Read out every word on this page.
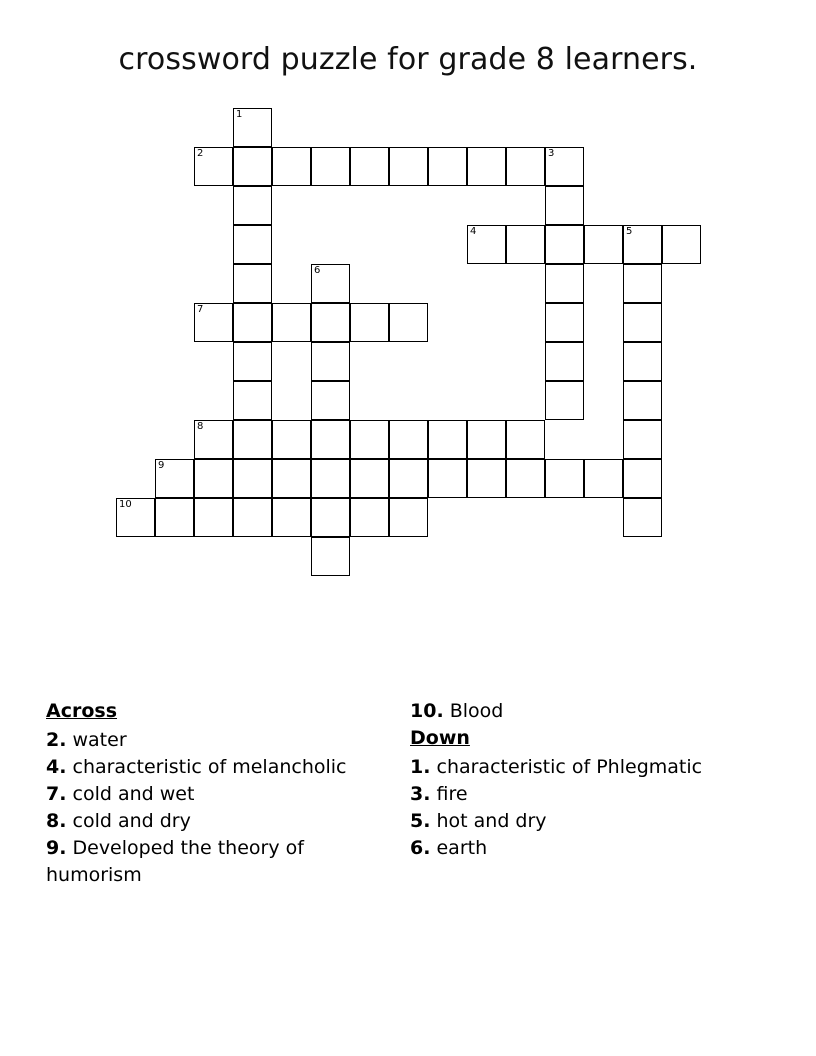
crossword puzzle for grade 8 learners.
1
2	3
4	5
6
7
8
9
10
Across
2. water
4. characteristic of melancholic
7. cold and wet
8. cold and dry
9. Developed the theory of humorism
10. Blood
Down
1. characteristic of Phlegmatic
3. fire
5. hot and dry
6. earth
